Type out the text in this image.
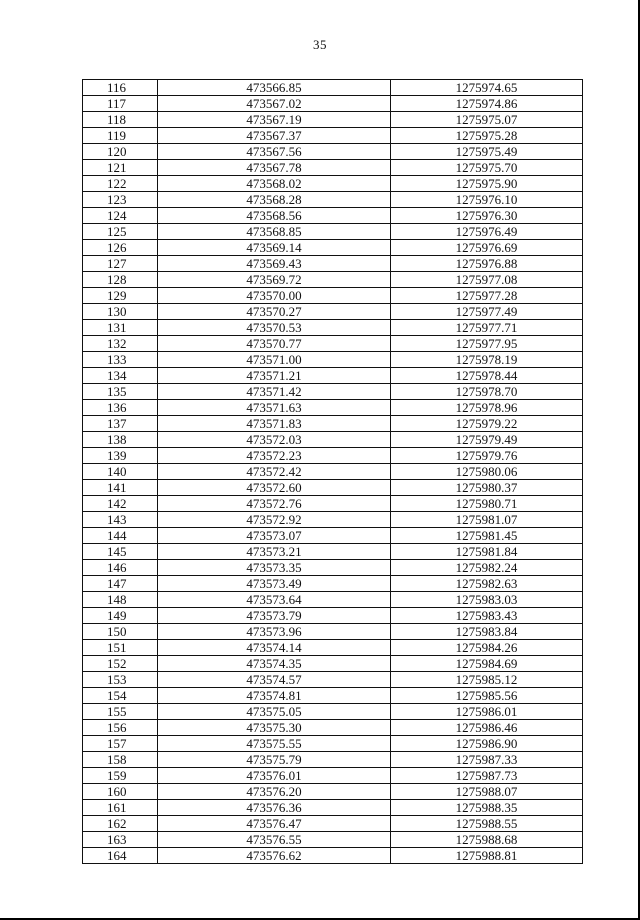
35
116	473566.85	1275974.65
117	473567.02	1275974.86
118	473567.19	1275975.07
119	473567.37	1275975.28
120	473567.56	1275975.49
121	473567.78	1275975.70
122	473568.02	1275975.90
123	473568.28	1275976.10
124	473568.56	1275976.30
125	473568.85	1275976.49
126	473569.14	1275976.69
127	473569.43	1275976.88
128	473569.72	1275977.08
129	473570.00	1275977.28
130	473570.27	1275977.49
131	473570.53	1275977.71
132	473570.77	1275977.95
133	473571.00	1275978.19
134	473571.21	1275978.44
135	473571.42	1275978.70
136	473571.63	1275978.96
137	473571.83	1275979.22
138	473572.03	1275979.49
139	473572.23	1275979.76
140	473572.42	1275980.06
141	473572.60	1275980.37
142	473572.76	1275980.71
143	473572.92	1275981.07
144	473573.07	1275981.45
145	473573.21	1275981.84
146	473573.35	1275982.24
147	473573.49	1275982.63
148	473573.64	1275983.03
149	473573.79	1275983.43
150	473573.96	1275983.84
151	473574.14	1275984.26
152	473574.35	1275984.69
153	473574.57	1275985.12
154	473574.81	1275985.56
155	473575.05	1275986.01
156	473575.30	1275986.46
157	473575.55	1275986.90
158	473575.79	1275987.33
159	473576.01	1275987.73
160	473576.20	1275988.07
161	473576.36	1275988.35
162	473576.47	1275988.55
163	473576.55	1275988.68
164	473576.62	1275988.81
